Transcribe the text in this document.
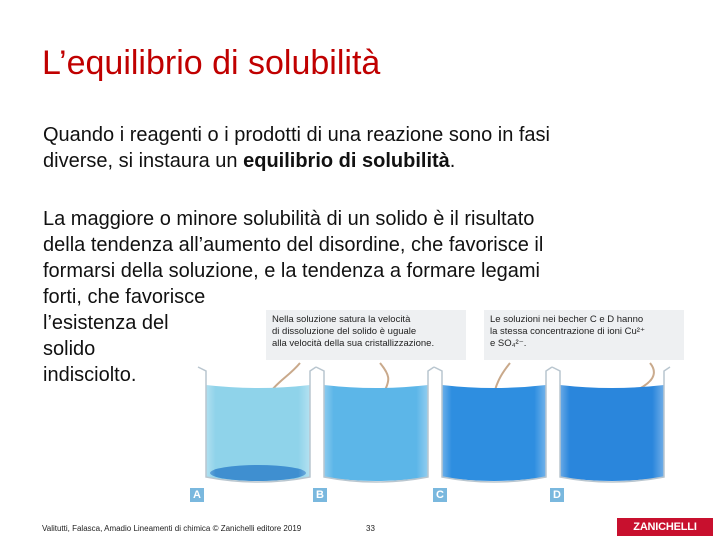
L’equilibrio di solubilità
Quando i reagenti o i prodotti di una reazione sono in fasi
diverse, si instaura un equilibrio di solubilità.
La maggiore o minore solubilità di un solido è il risultato
della tendenza all’aumento del disordine, che favorisce il
formarsi della soluzione, e la tendenza a formare legami
forti, che favorisce
l’esistenza del
solido
indisciolto.
Nella soluzione satura la velocità
di dissoluzione del solido è uguale
alla velocità della sua cristallizzazione.
Le soluzioni nei becher C e D hanno
la stessa concentrazione di ioni Cu²⁺
e SO₄²⁻.
A	B	C	D
Valitutti, Falasca, Amadio Lineamenti di chimica © Zanichelli editore 2019	33	ZANICHELLI
